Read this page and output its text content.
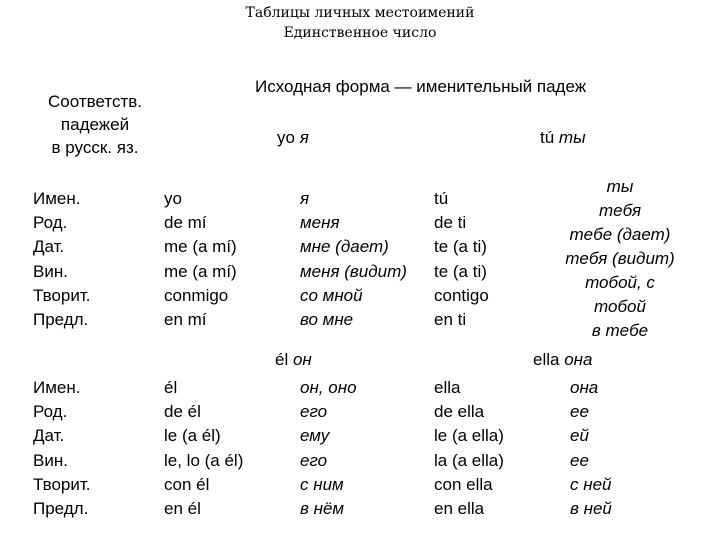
Таблицы личных местоимений
Единственное число
Соответств.
падежей
в русск. яз.
Исходная форма — именительный падеж
yo я	tú ты
Имен.
Род.
Дат.
Вин.
Творит.
Предл.
yo
de mí
me (a mí)
me (a mí)
conmigo
en mí
я
меня
мне (дает)
меня (видит)
со мной
во мне
tú
de ti
te (a ti)
te (a ti)
contigo
en ti
ты
тебя
тебе (дает)
тебя (видит)
тобой, с
тобой
в тебе
él он	ella она
Имен.
Род.
Дат.
Вин.
Творит.
Предл.
él
de él
le (a él)
le, lo (a él)
con él
en él
он, оно
его
ему
его
с ним
в нём
ella
de ella
le (a ella)
la (a ella)
con ella
en ella
она
ее
ей
ее
с ней
в ней
